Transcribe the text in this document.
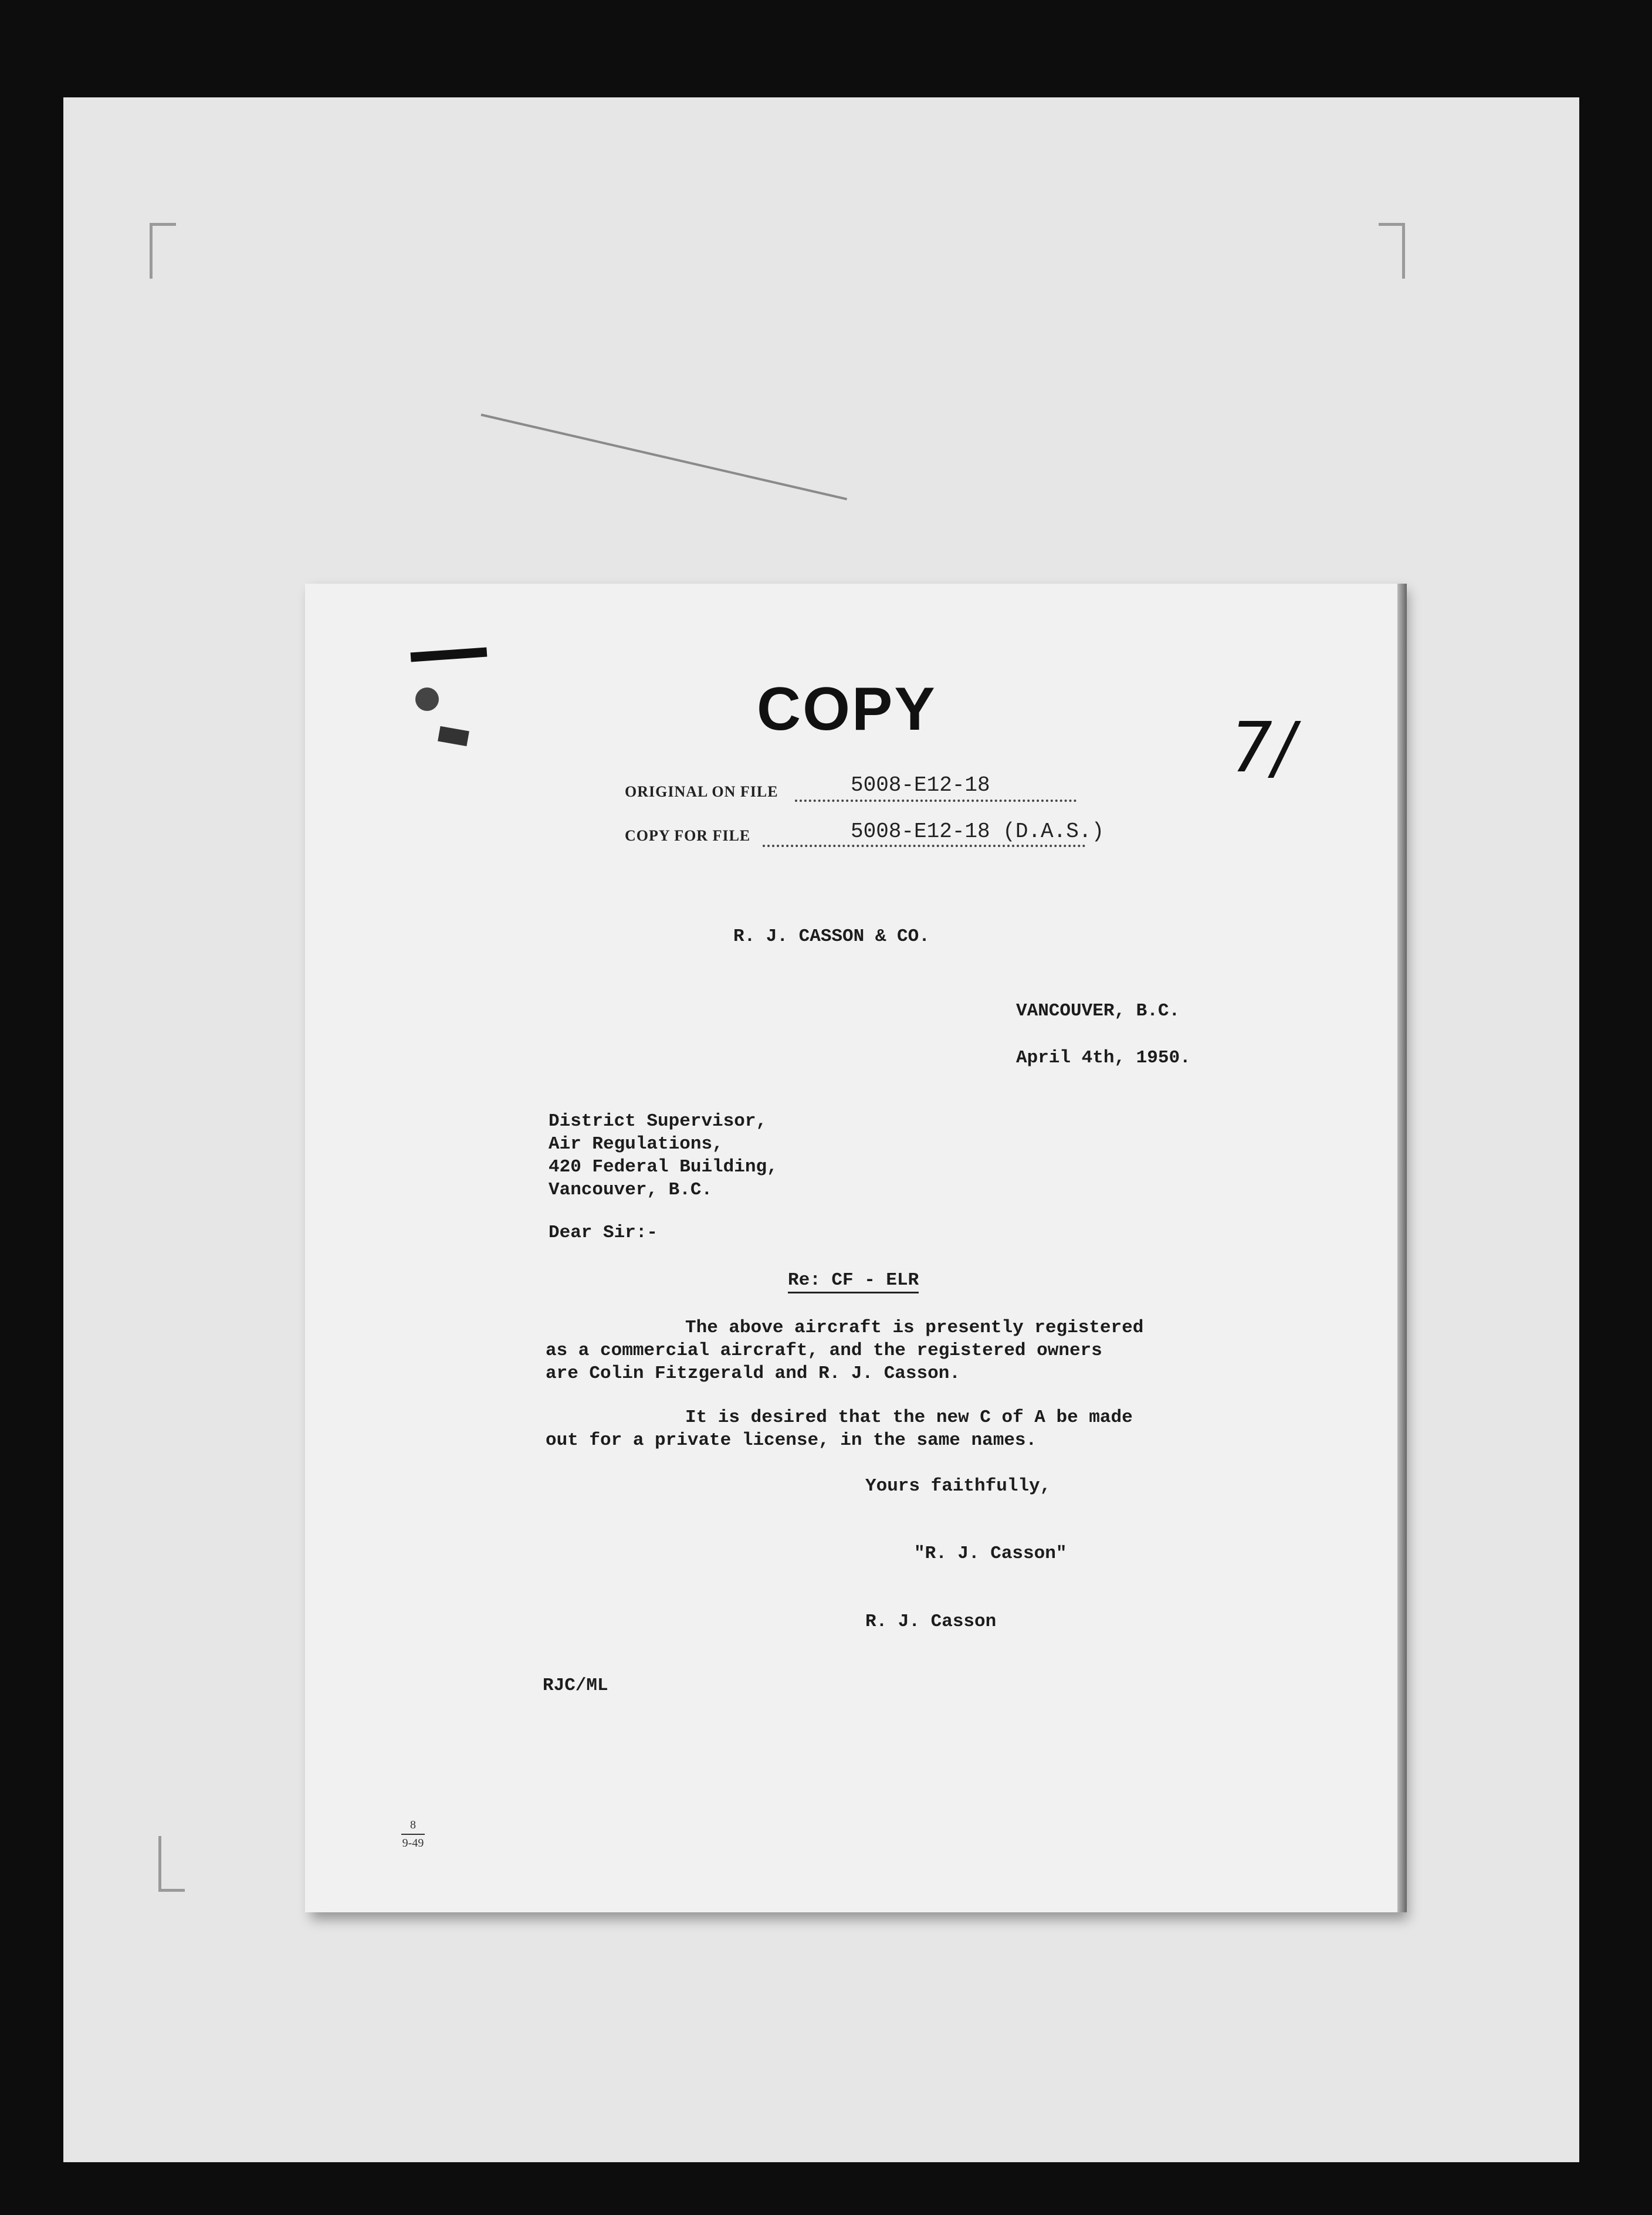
COPY	7/
ORIGINAL ON FILE	5008-E12-18
COPY FOR FILE	5008-E12-18 (D.A.S.)
R. J. CASSON & CO.
VANCOUVER, B.C.
April 4th, 1950.
District Supervisor,
Air Regulations,
420 Federal Building,
Vancouver, B.C.
Dear Sir:-
Re: CF - ELR
The above aircraft is presently registered
as a commercial aircraft, and the registered owners
are Colin Fitzgerald and R. J. Casson.
It is desired that the new C of A be made
out for a private license, in the same names.
Yours faithfully,
"R. J. Casson"
R. J. Casson
RJC/ML
8
9-49
